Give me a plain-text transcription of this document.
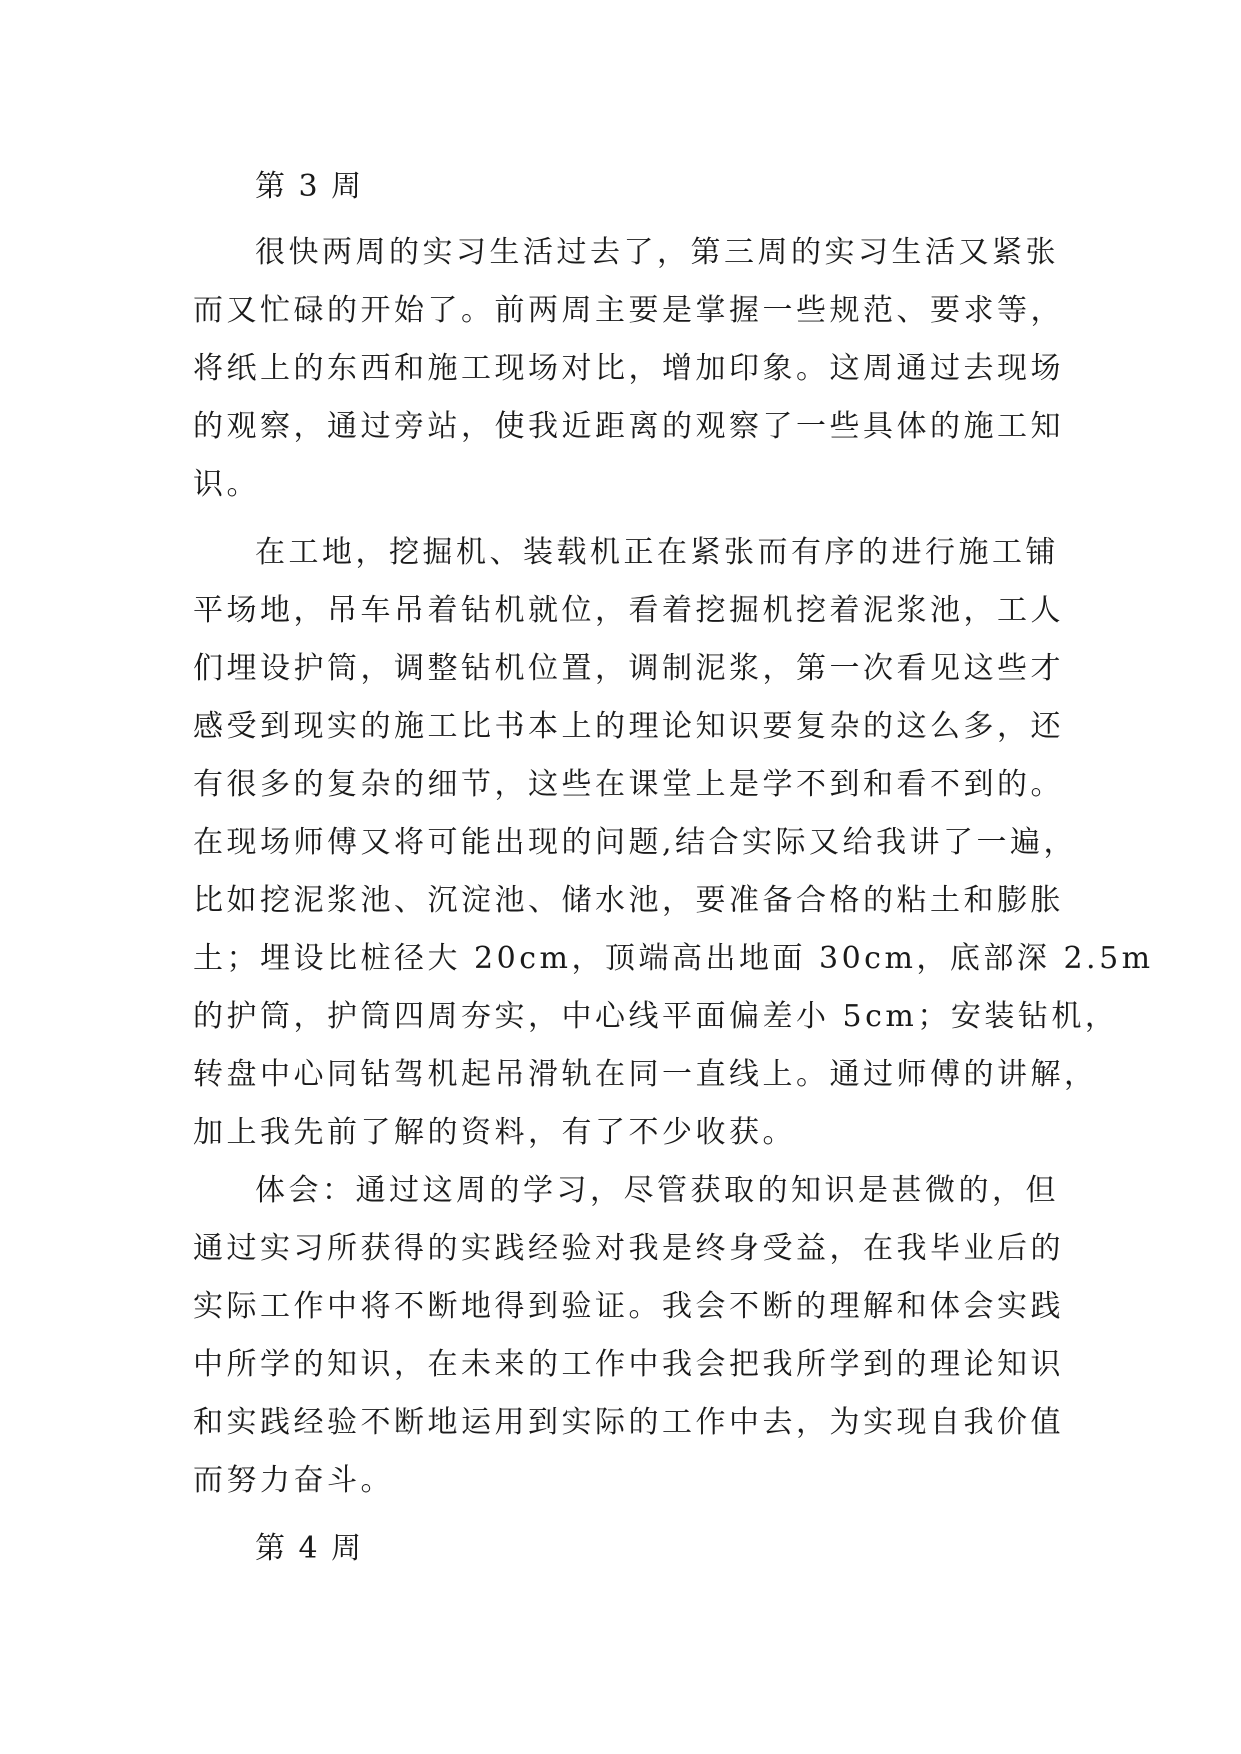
第 3 周
很快两周的实习生活过去了，第三周的实习生活又紧张
而又忙碌的开始了。前两周主要是掌握一些规范、要求等，
将纸上的东西和施工现场对比，增加印象。这周通过去现场
的观察，通过旁站，使我近距离的观察了一些具体的施工知
识。
在工地，挖掘机、装载机正在紧张而有序的进行施工铺
平场地，吊车吊着钻机就位，看着挖掘机挖着泥浆池，工人
们埋设护筒，调整钻机位置，调制泥浆，第一次看见这些才
感受到现实的施工比书本上的理论知识要复杂的这么多，还
有很多的复杂的细节，这些在课堂上是学不到和看不到的。
在现场师傅又将可能出现的问题,结合实际又给我讲了一遍，
比如挖泥浆池、沉淀池、储水池，要准备合格的粘土和膨胀
土；埋设比桩径大 20cm，顶端高出地面 30cm，底部深 2.5m
的护筒，护筒四周夯实，中心线平面偏差小 5cm；安装钻机，
转盘中心同钻驾机起吊滑轨在同一直线上。通过师傅的讲解，
加上我先前了解的资料，有了不少收获。
体会：通过这周的学习，尽管获取的知识是甚微的，但
通过实习所获得的实践经验对我是终身受益，在我毕业后的
实际工作中将不断地得到验证。我会不断的理解和体会实践
中所学的知识，在未来的工作中我会把我所学到的理论知识
和实践经验不断地运用到实际的工作中去，为实现自我价值
而努力奋斗。
第 4 周
